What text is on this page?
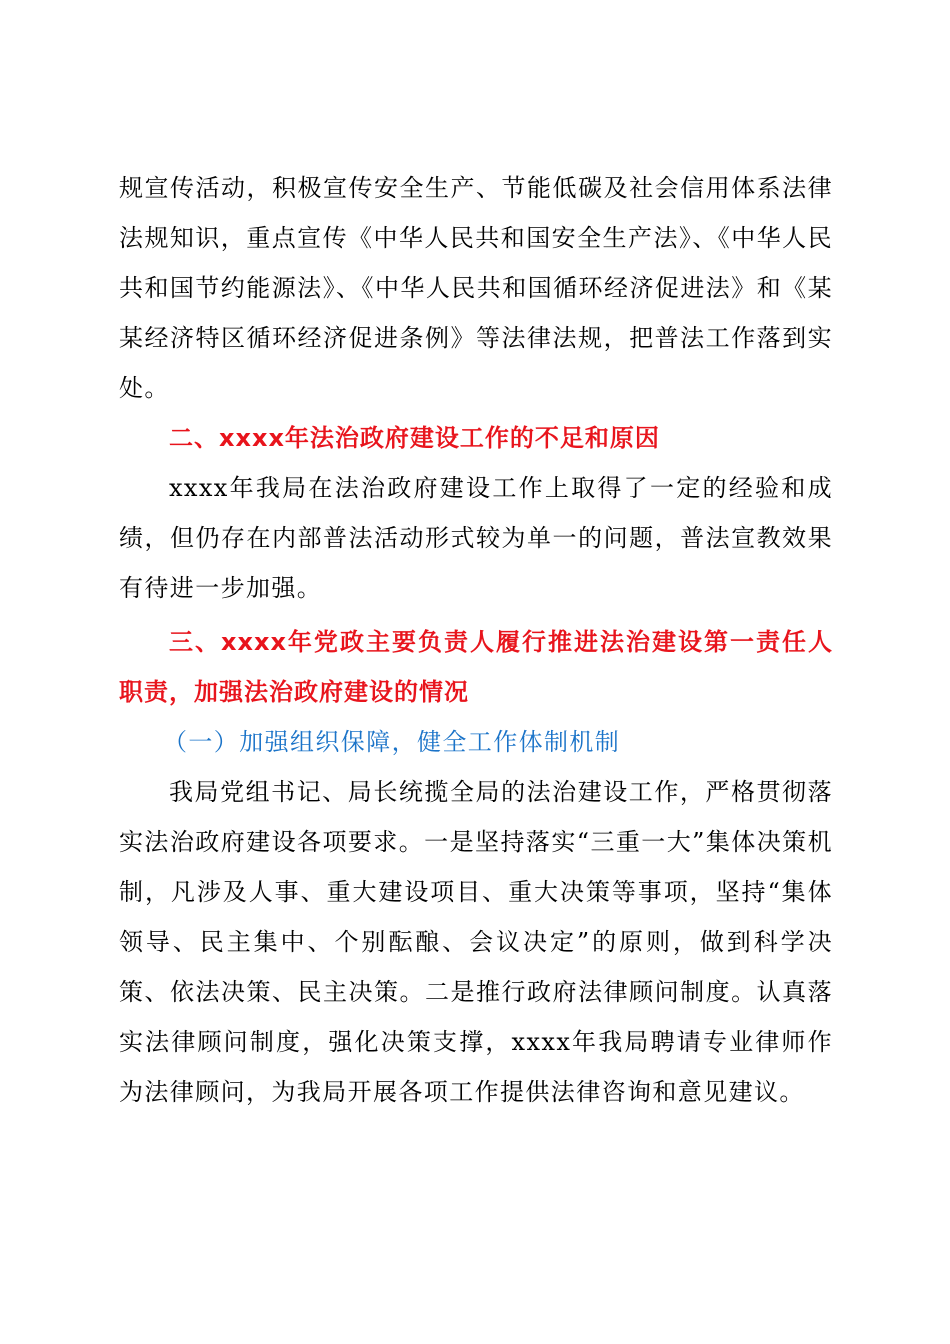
规宣传活动，积极宣传安全生产、节能低碳及社会信用体系法律法规知识，重点宣传《中华人民共和国安全生产法》、《中华人民共和国节约能源法》、《中华人民共和国循环经济促进法》和《某某经济特区循环经济促进条例》等法律法规，把普法工作落到实处。

二、xxxx年法治政府建设工作的不足和原因

xxxx年我局在法治政府建设工作上取得了一定的经验和成绩，但仍存在内部普法活动形式较为单一的问题，普法宣教效果有待进一步加强。

三、xxxx年党政主要负责人履行推进法治建设第一责任人职责，加强法治政府建设的情况

（一）加强组织保障，健全工作体制机制

我局党组书记、局长统揽全局的法治建设工作，严格贯彻落实法治政府建设各项要求。一是坚持落实“三重一大”集体决策机制，凡涉及人事、重大建设项目、重大决策等事项，坚持“集体领导、民主集中、个别酝酿、会议决定”的原则，做到科学决策、依法决策、民主决策。二是推行政府法律顾问制度。认真落实法律顾问制度，强化决策支撑，xxxx年我局聘请专业律师作为法律顾问，为我局开展各项工作提供法律咨询和意见建议。
